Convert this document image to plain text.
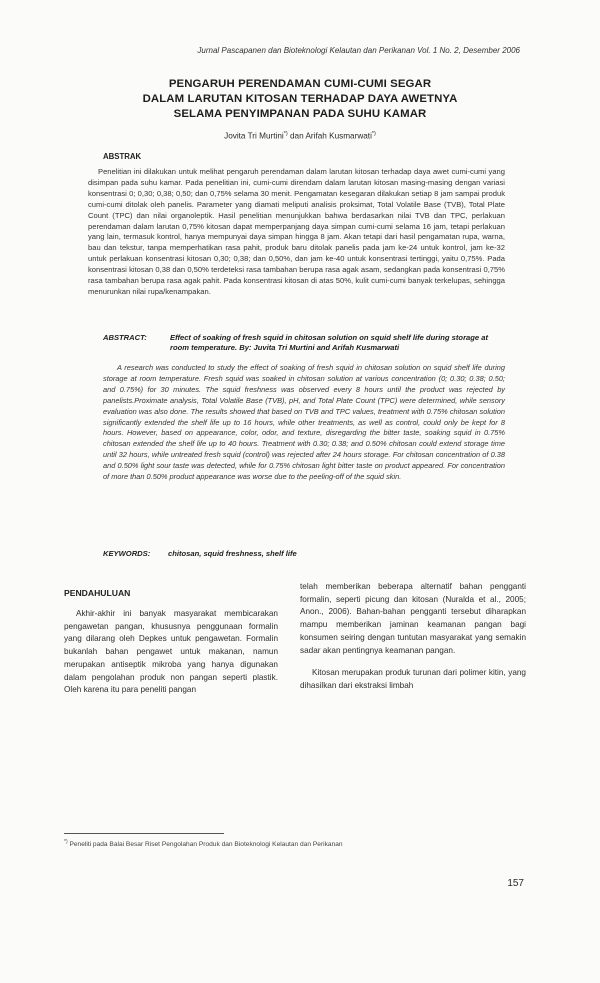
Jurnal Pascapanen dan Bioteknologi Kelautan dan Perikanan Vol. 1 No. 2, Desember 2006
PENGARUH PERENDAMAN CUMI-CUMI SEGAR
DALAM LARUTAN KITOSAN TERHADAP DAYA AWETNYA
SELAMA PENYIMPANAN PADA SUHU KAMAR
Jovita Tri Murtini*) dan Arifah Kusmarwati*)
ABSTRAK

Penelitian ini dilakukan untuk melihat pengaruh perendaman dalam larutan kitosan terhadap daya awet cumi-cumi yang disimpan pada suhu kamar. Pada penelitian ini, cumi-cumi direndam dalam larutan kitosan masing-masing dengan variasi konsentrasi 0; 0,30; 0,38; 0,50; dan 0,75% selama 30 menit. Pengamatan kesegaran dilakukan setiap 8 jam sampai produk cumi-cumi ditolak oleh panelis. Parameter yang diamati meliputi analisis proksimat, Total Volatile Base (TVB), Total Plate Count (TPC) dan nilai organoleptik. Hasil penelitian menunjukkan bahwa berdasarkan nilai TVB dan TPC, perlakuan perendaman dalam larutan 0,75% kitosan dapat memperpanjang daya simpan cumi-cumi selama 16 jam, tetapi perlakuan yang lain, termasuk kontrol, hanya mempunyai daya simpan hingga 8 jam. Akan tetapi dari hasil pengamatan rupa, warna, bau dan tekstur, tanpa memperhatikan rasa pahit, produk baru ditolak panelis pada jam ke-24 untuk kontrol, jam ke-32 untuk perlakuan konsentrasi kitosan 0,30; 0,38; dan 0,50%, dan jam ke-40 untuk konsentrasi tertinggi, yaitu 0,75%. Pada konsentrasi kitosan 0,38 dan 0,50% terdeteksi rasa tambahan berupa rasa agak asam, sedangkan pada konsentrasi 0,75% rasa tambahan berupa rasa agak pahit. Pada konsentrasi kitosan di atas 50%, kulit cumi-cumi banyak terkelupas, sehingga menurunkan nilai rupa/kenampakan.

ABSTRACT:	Effect of soaking of fresh squid in chitosan solution on squid shelf life during storage at room temperature. By: Juvita Tri Murtini and Arifah Kusmarwati

A research was conducted to study the effect of soaking of fresh squid in chitosan solution on squid shelf life during storage at room temperature. Fresh squid was soaked in chitosan solution at various concentration (0; 0.30; 0.38; 0.50; and 0.75%) for 30 minutes. The squid freshness was observed every 8 hours until the product was rejected by panelists.Proximate analysis, Total Volatile Base (TVB), pH, and Total Plate Count (TPC) were determined, while sensory evaluation was also done. The results showed that based on TVB and TPC values, treatment with 0.75% chitosan solution significantly extended the shelf life up to 16 hours, while other treatments, as well as control, could only be kept for 8 hours. However, based on appearance, color, odor, and texture, disregarding the bitter taste, soaking squid in 0.75% chitosan extended the shelf life up to 40 hours. Treatment with 0.30; 0.38; and 0.50% chitosan could extend storage time until 32 hours, while untreated fresh squid (control) was rejected after 24 hours storage. For chitosan concentration of 0.38 and 0.50% light sour taste was detected, while for 0.75% chitosan light bitter taste on product appeared. For concentration of more than 0.50% product appearance was worse due to the peeling-off of the squid skin.

KEYWORDS:	chitosan, squid freshness, shelf life
PENDAHULUAN

Akhir-akhir ini banyak masyarakat membicarakan pengawetan pangan, khususnya penggunaan formalin yang dilarang oleh Depkes untuk pengawetan. Formalin bukanlah bahan pengawet untuk makanan, namun merupakan antiseptik mikroba yang hanya digunakan dalam pengolahan produk non pangan seperti plastik. Oleh karena itu para peneliti pangan

telah memberikan beberapa alternatif bahan pengganti formalin, seperti picung dan kitosan (Nuralda et al., 2005; Anon., 2006). Bahan-bahan pengganti tersebut diharapkan mampu memberikan jaminan keamanan pangan bagi konsumen seiring dengan tuntutan masyarakat yang semakin sadar akan pentingnya keamanan pangan.

Kitosan merupakan produk turunan dari polimer kitin, yang dihasilkan dari ekstraksi limbah

*) Peneliti pada Balai Besar Riset Pengolahan Produk dan Bioteknologi Kelautan dan Perikanan
157
